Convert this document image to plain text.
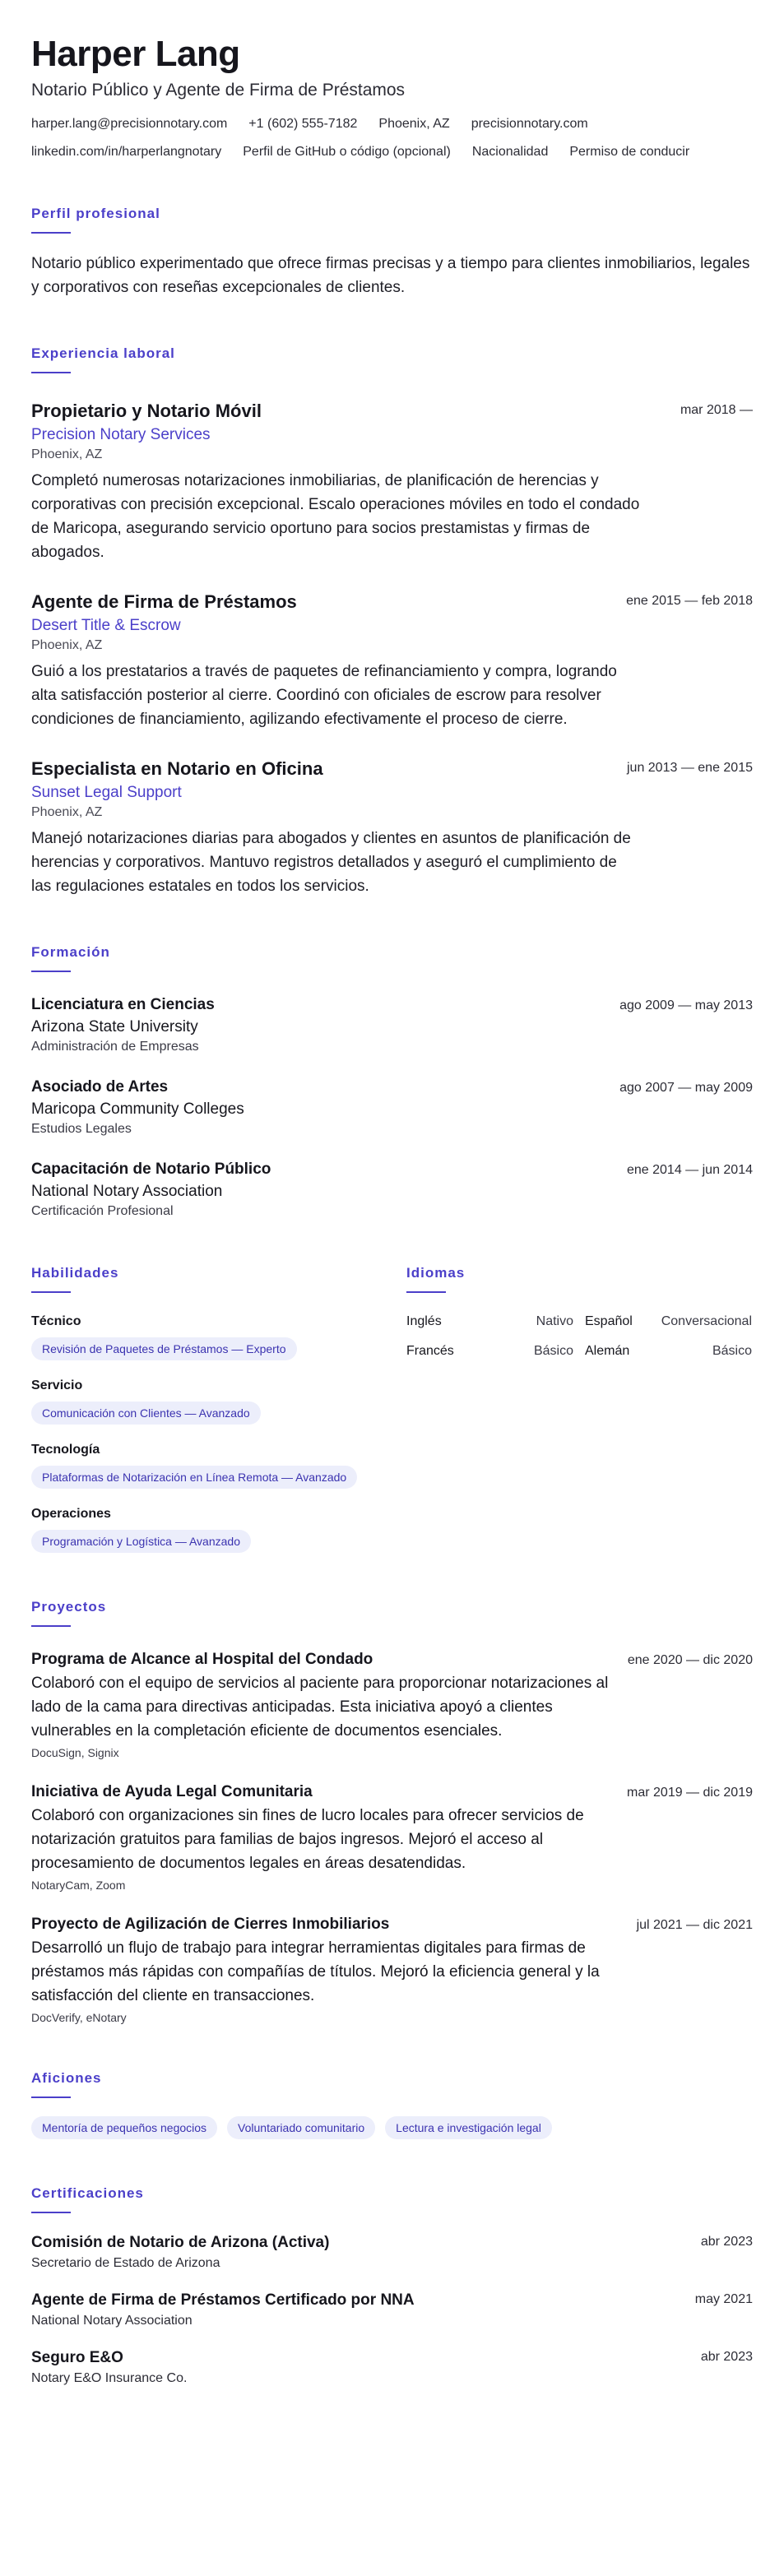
Harper Lang
Notario Público y Agente de Firma de Préstamos
harper.lang@precisionnotary.com +1 (602) 555-7182 Phoenix, AZ precisionnotary.com
linkedin.com/in/harperlangnotary Perfil de GitHub o código (opcional) Nacionalidad Permiso de conducir
Perfil profesional
Notario público experimentado que ofrece firmas precisas y a tiempo para clientes inmobiliarios, legales y corporativos con reseñas excepcionales de clientes.
Experiencia laboral
Propietario y Notario Móvil	mar 2018 —
Precision Notary Services
Phoenix, AZ
Completó numerosas notarizaciones inmobiliarias, de planificación de herencias y corporativas con precisión excepcional. Escalo operaciones móviles en todo el condado de Maricopa, asegurando servicio oportuno para socios prestamistas y firmas de abogados.
Agente de Firma de Préstamos	ene 2015 — feb 2018
Desert Title & Escrow
Phoenix, AZ
Guió a los prestatarios a través de paquetes de refinanciamiento y compra, logrando alta satisfacción posterior al cierre. Coordinó con oficiales de escrow para resolver condiciones de financiamiento, agilizando efectivamente el proceso de cierre.
Especialista en Notario en Oficina	jun 2013 — ene 2015
Sunset Legal Support
Phoenix, AZ
Manejó notarizaciones diarias para abogados y clientes en asuntos de planificación de herencias y corporativos. Mantuvo registros detallados y aseguró el cumplimiento de las regulaciones estatales en todos los servicios.
Formación
Licenciatura en Ciencias	ago 2009 — may 2013
Arizona State University
Administración de Empresas
Asociado de Artes	ago 2007 — may 2009
Maricopa Community Colleges
Estudios Legales
Capacitación de Notario Público	ene 2014 — jun 2014
National Notary Association
Certificación Profesional
Habilidades
Técnico
Revisión de Paquetes de Préstamos — Experto
Servicio
Comunicación con Clientes — Avanzado
Tecnología
Plataformas de Notarización en Línea Remota — Avanzado
Operaciones
Programación y Logística — Avanzado
Idiomas
Inglés	Nativo Español Conversacional
Francés	Básico Alemán	Básico
Proyectos
Programa de Alcance al Hospital del Condado	ene 2020 — dic 2020
Colaboró con el equipo de servicios al paciente para proporcionar notarizaciones al lado de la cama para directivas anticipadas. Esta iniciativa apoyó a clientes vulnerables en la completación eficiente de documentos esenciales.
DocuSign, Signix
Iniciativa de Ayuda Legal Comunitaria	mar 2019 — dic 2019
Colaboró con organizaciones sin fines de lucro locales para ofrecer servicios de notarización gratuitos para familias de bajos ingresos. Mejoró el acceso al procesamiento de documentos legales en áreas desatendidas.
NotaryCam, Zoom
Proyecto de Agilización de Cierres Inmobiliarios	jul 2021 — dic 2021
Desarrolló un flujo de trabajo para integrar herramientas digitales para firmas de préstamos más rápidas con compañías de títulos. Mejoró la eficiencia general y la satisfacción del cliente en transacciones.
DocVerify, eNotary
Aficiones
Mentoría de pequeños negocios	Voluntariado comunitario	Lectura e investigación legal
Certificaciones
Comisión de Notario de Arizona (Activa)
Secretario de Estado de Arizona
abr 2023
Agente de Firma de Préstamos Certificado por NNA
National Notary Association
may 2021
Seguro E&O
Notary E&O Insurance Co.
abr 2023
